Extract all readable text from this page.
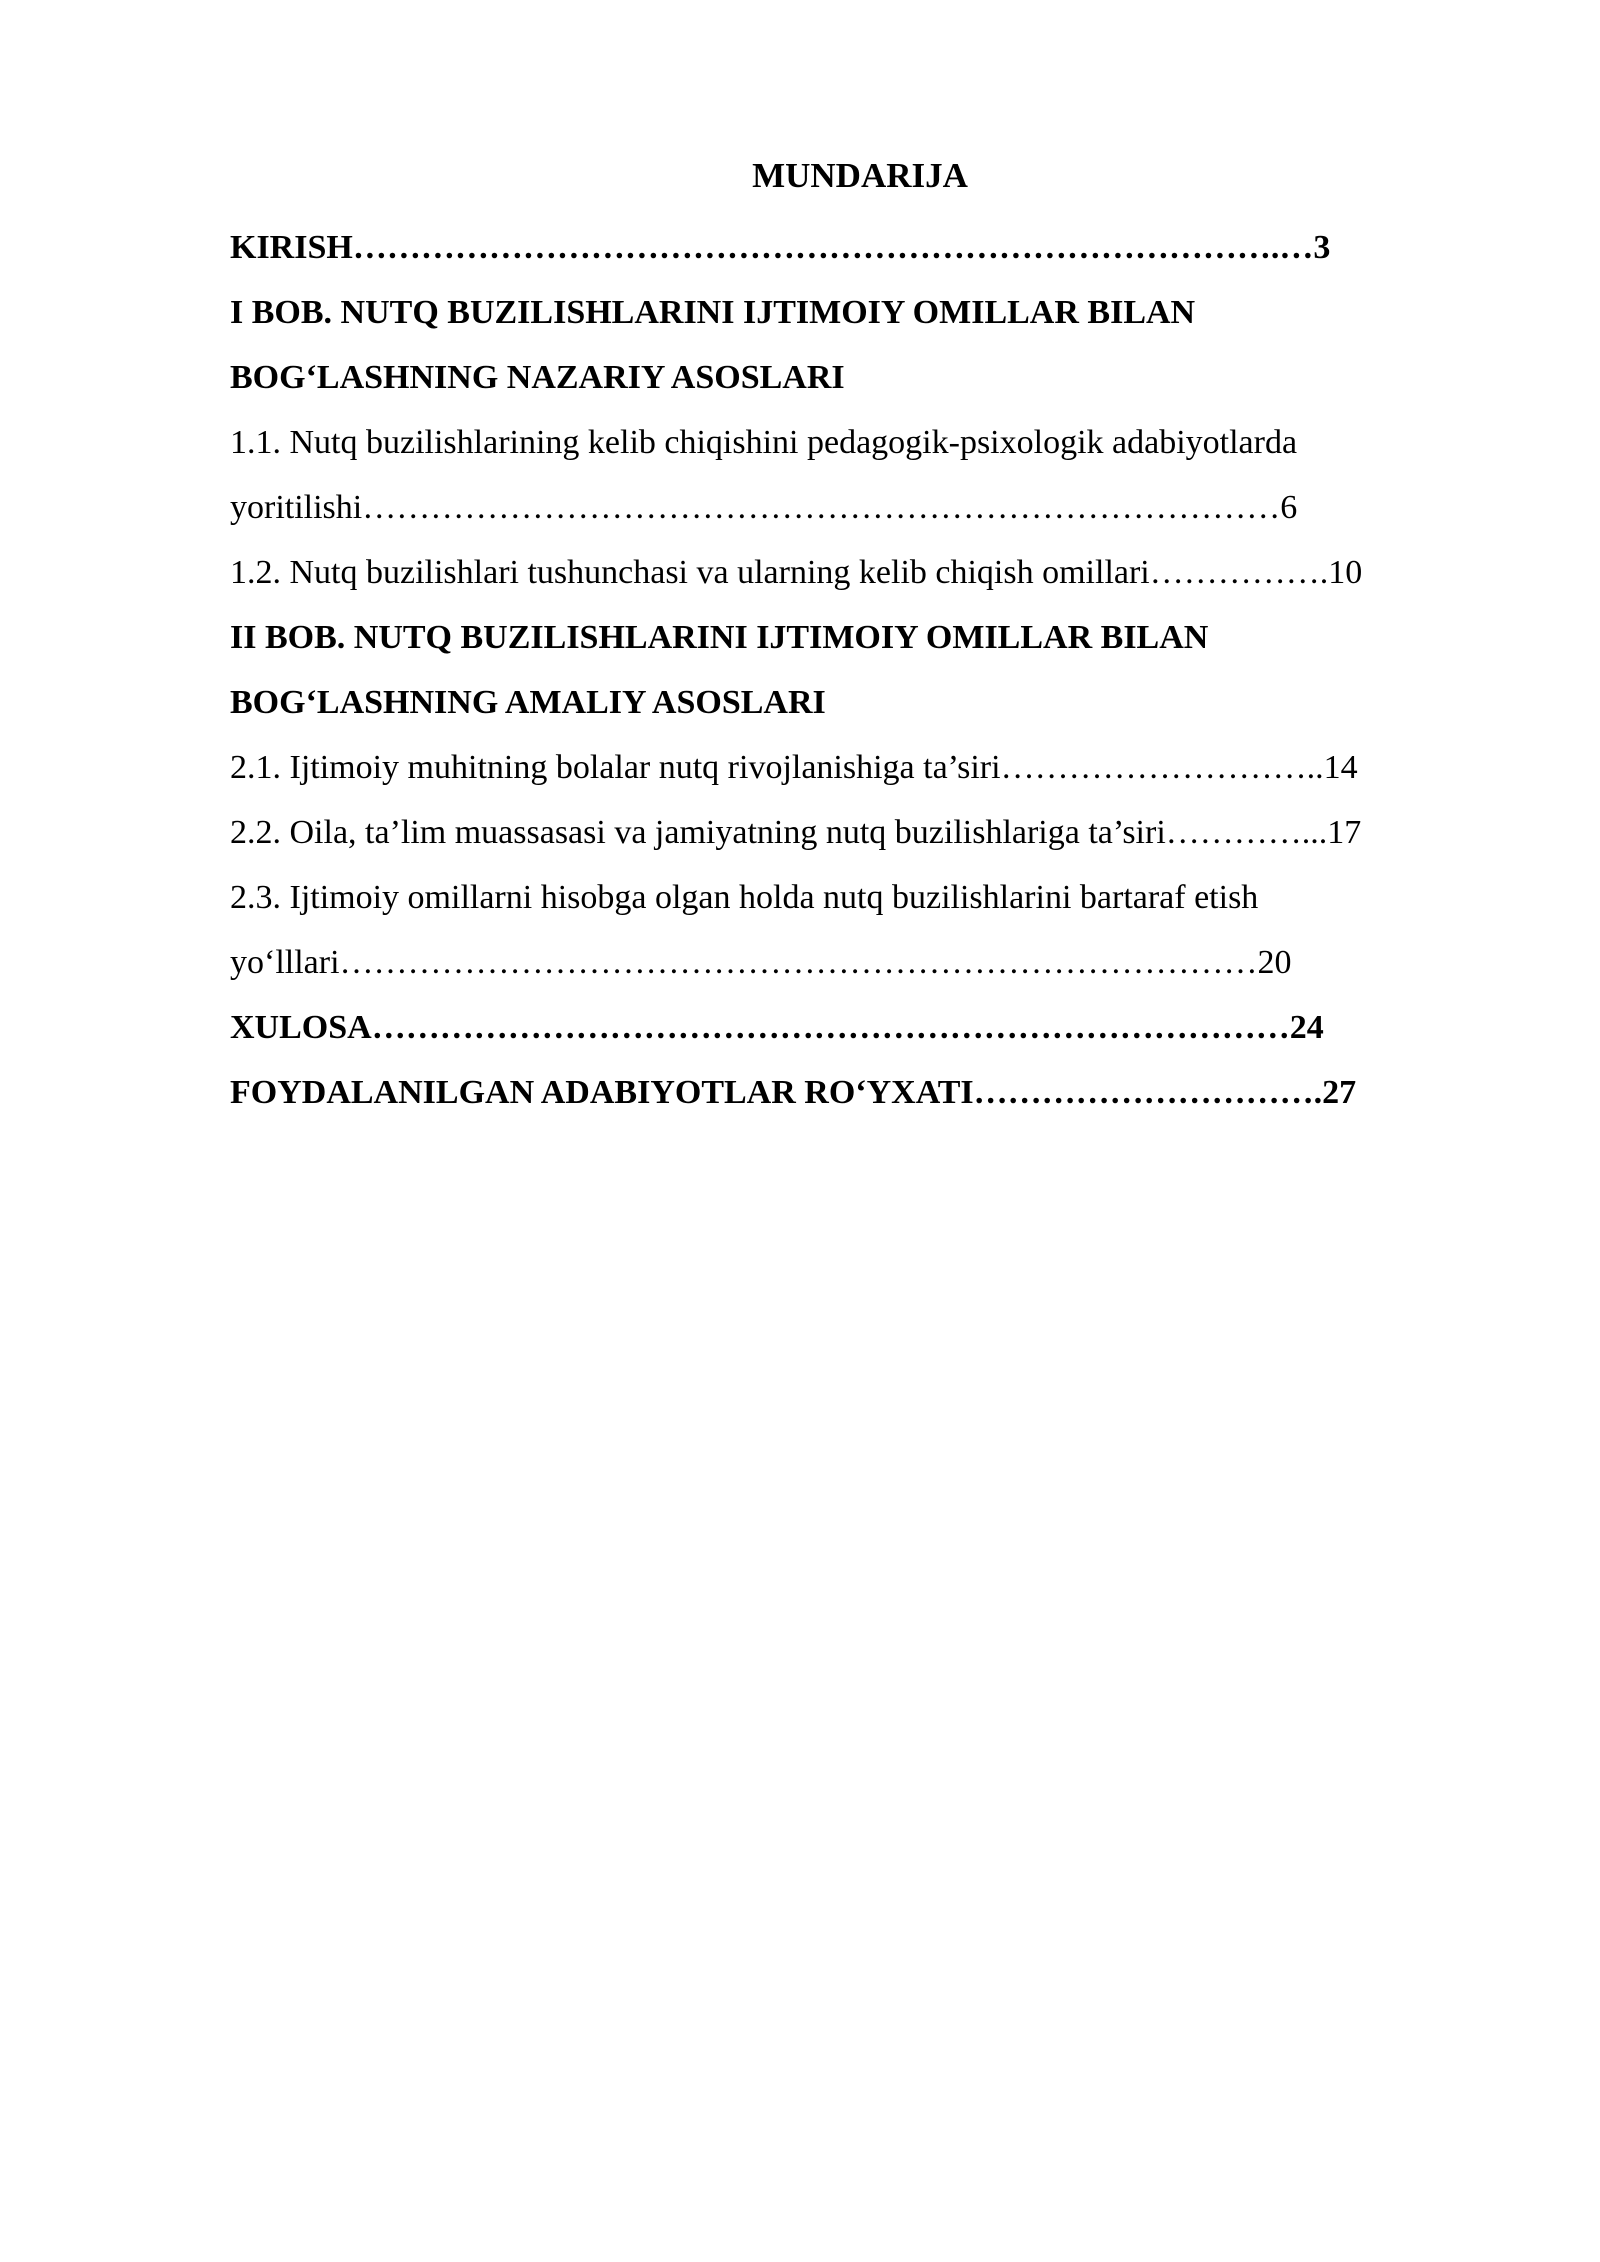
MUNDARIJA
KIRISH……………………………………………………………………….…3
I BOB. NUTQ BUZILISHLARINI IJTIMOIY OMILLAR BILAN
BOG‘LASHNING NAZARIY ASOSLARI
1.1. Nutq buzilishlarining kelib chiqishini pedagogik-psixologik adabiyotlarda
yoritilishi………………………………………………………………………6
1.2. Nutq buzilishlari tushunchasi va ularning kelib chiqish omillari…………….10
II BOB. NUTQ BUZILISHLARINI IJTIMOIY OMILLAR BILAN
BOG‘LASHNING AMALIY ASOSLARI
2.1. Ijtimoiy muhitning bolalar nutq rivojlanishiga ta’siri………………………..14
2.2. Oila, ta’lim muassasasi va jamiyatning nutq buzilishlariga ta’siri…………...17
2.3. Ijtimoiy omillarni hisobga olgan holda nutq buzilishlarini bartaraf etish
yo‘lllari………………………………………………………………………20
XULOSA………………………………………………………………………24
FOYDALANILGAN ADABIYOTLAR RO‘YXATI………………………….27
